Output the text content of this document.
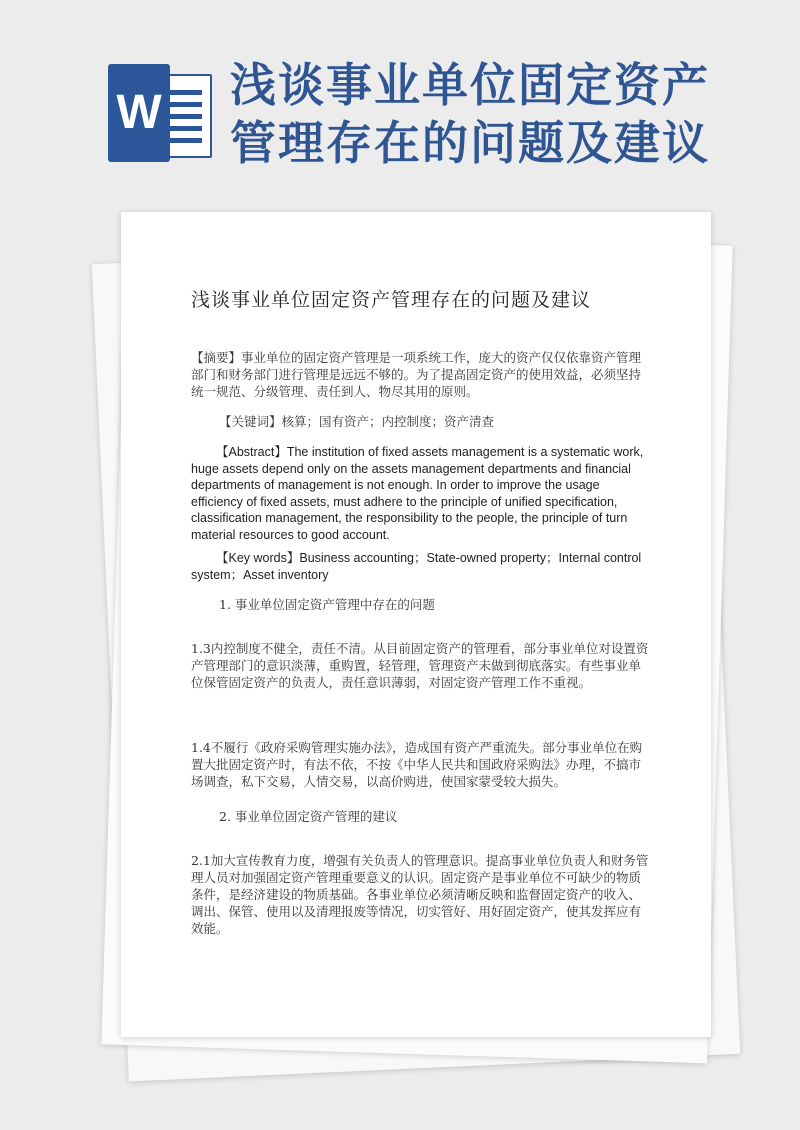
W
浅谈事业单位固定资产
管理存在的问题及建议
浅谈事业单位固定资产管理存在的问题及建议

【摘要】事业单位的固定资产管理是一项系统工作，庞大的资产仅仅依靠资产管理部门和财务部门进行管理是远远不够的。为了提高固定资产的使用效益，必须坚持统一规范、分级管理、责任到人、物尽其用的原则。

【关键词】核算；国有资产；内控制度；资产清查

【Abstract】The institution of fixed assets management is a systematic work, huge assets depend only on the assets management departments and financial departments of management is not enough. In order to improve the usage efficiency of fixed assets, must adhere to the principle of unified specification, classification management, the responsibility to the people, the principle of turn material resources to good account.

【Key words】Business accounting；State-owned property；Internal control system；Asset inventory

1. 事业单位固定资产管理中存在的问题

1.3内控制度不健全，责任不清。从目前固定资产的管理看，部分事业单位对设置资产管理部门的意识淡薄，重购置，轻管理，管理资产未做到彻底落实。有些事业单位保管固定资产的负责人，责任意识薄弱，对固定资产管理工作不重视。

1.4不履行《政府采购管理实施办法》，造成国有资产严重流失。部分事业单位在购置大批固定资产时，有法不依，不按《中华人民共和国政府采购法》办理，不搞市场调查，私下交易，人情交易，以高价购进，使国家蒙受较大损失。

2. 事业单位固定资产管理的建议

2.1加大宣传教育力度，增强有关负责人的管理意识。提高事业单位负责人和财务管理人员对加强固定资产管理重要意义的认识。固定资产是事业单位不可缺少的物质条件，是经济建设的物质基础。各事业单位必须清晰反映和监督固定资产的收入、调出、保管、使用以及清理报废等情况，切实管好、用好固定资产，使其发挥应有效能。
